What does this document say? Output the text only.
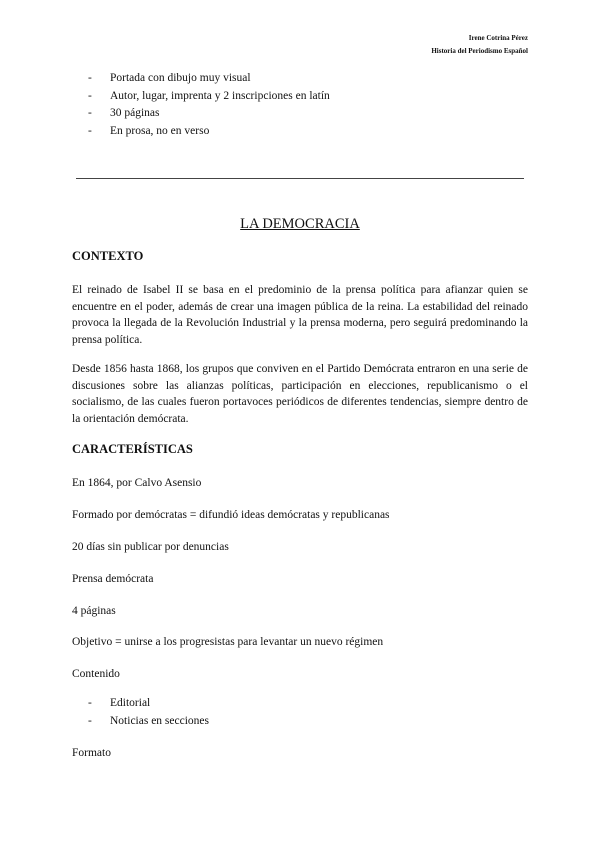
Irene Cotrina Pérez
Historia del Periodismo Español
- Portada con dibujo muy visual
- Autor, lugar, imprenta y 2 inscripciones en latín
- 30 páginas
- En prosa, no en verso
LA DEMOCRACIA
CONTEXTO

El reinado de Isabel II se basa en el predominio de la prensa política para afianzar quien se encuentre en el poder, además de crear una imagen pública de la reina. La estabilidad del reinado provoca la llegada de la Revolución Industrial y la prensa moderna, pero seguirá predominando la prensa política.

Desde 1856 hasta 1868, los grupos que conviven en el Partido Demócrata entraron en una serie de discusiones sobre las alianzas políticas, participación en elecciones, republicanismo o el socialismo, de las cuales fueron portavoces periódicos de diferentes tendencias, siempre dentro de la orientación demócrata.

CARACTERÍSTICAS
En 1864, por Calvo Asensio
Formado por demócratas = difundió ideas demócratas y republicanas
20 días sin publicar por denuncias
Prensa demócrata
4 páginas
Objetivo = unirse a los progresistas para levantar un nuevo régimen
Contenido
- Editorial
- Noticias en secciones
Formato
